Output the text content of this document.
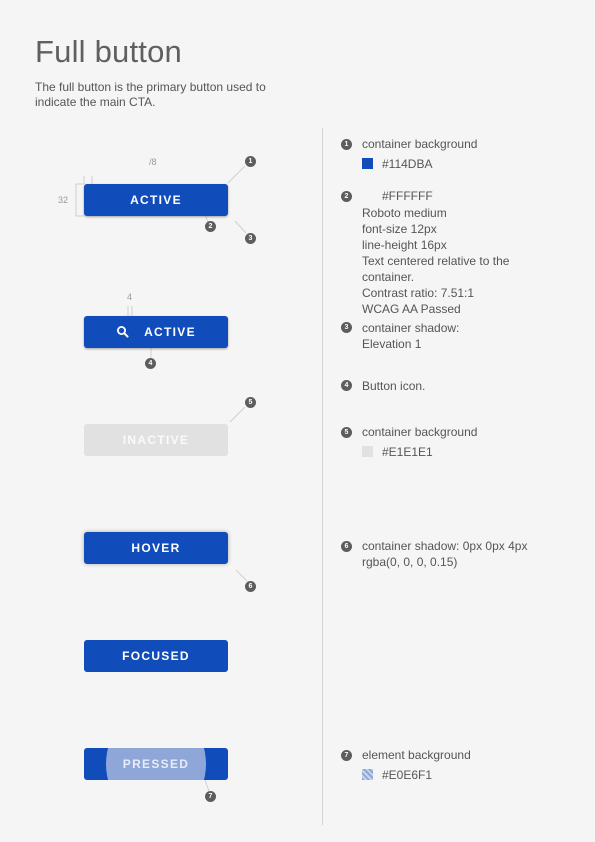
Full button
The full button is the primary button used to indicate the main CTA.
/8
32
4
ACTIVE
ACTIVE
INACTIVE
HOVER
FOCUSED
PRESSED
1
2
3
4
5
6
7
1 container background
#114DBA
2	#FFFFFF
Roboto medium
font-size 12px
line-height 16px
Text centered relative to the container.
Contrast ratio: 7.51:1
WCAG AA Passed
3 container shadow:
Elevation 1
4 Button icon.
5 container background
#E1E1E1
6 container shadow: 0px 0px 4px
rgba(0, 0, 0, 0.15)
7 element background
#E0E6F1
